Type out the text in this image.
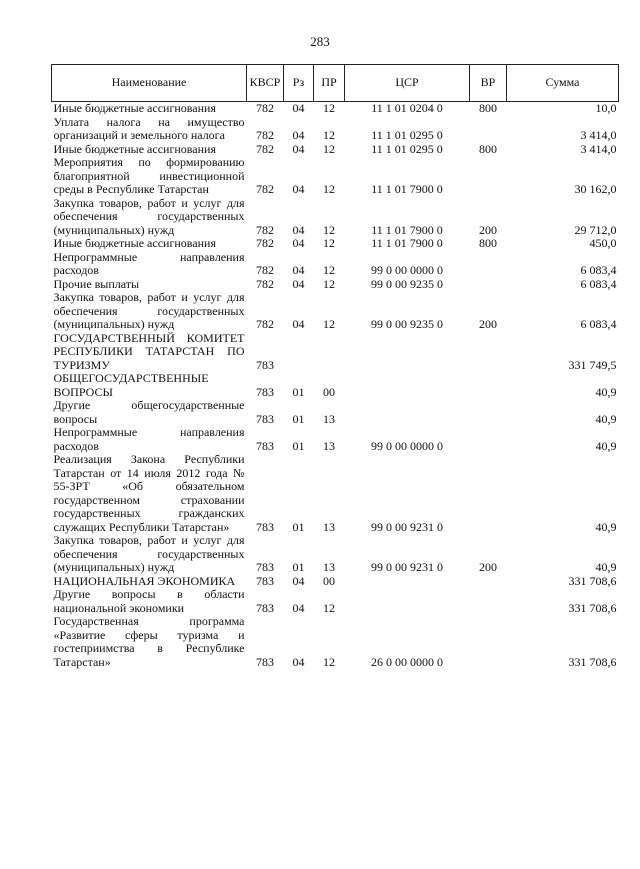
283
Наименование	КВСР	Рз	ПР	ЦСР	ВР	Сумма
Иные бюджетные ассигнования	782	04	12	11 1 01 0204 0	800	10,0
Уплата налога на имущество организаций и земельного налога	782	04	12	11 1 01 0295 0		3 414,0
Иные бюджетные ассигнования	782	04	12	11 1 01 0295 0	800	3 414,0
Мероприятия по формированию благоприятной инвестиционной среды в Республике Татарстан	782	04	12	11 1 01 7900 0		30 162,0
Закупка товаров, работ и услуг для обеспечения государственных (муниципальных) нужд	782	04	12	11 1 01 7900 0	200	29 712,0
Иные бюджетные ассигнования	782	04	12	11 1 01 7900 0	800	450,0
Непрограммные направления расходов	782	04	12	99 0 00 0000 0		6 083,4
Прочие выплаты	782	04	12	99 0 00 9235 0		6 083,4
Закупка товаров, работ и услуг для обеспечения государственных (муниципальных) нужд	782	04	12	99 0 00 9235 0	200	6 083,4
ГОСУДАРСТВЕННЫЙ КОМИТЕТ РЕСПУБЛИКИ ТАТАРСТАН ПО ТУРИЗМУ	783					331 749,5
ОБЩЕГОСУДАРСТВЕННЫЕ ВОПРОСЫ	783	01	00			40,9
Другие общегосударственные вопросы	783	01	13			40,9
Непрограммные направления расходов	783	01	13	99 0 00 0000 0		40,9
Реализация Закона Республики Татарстан от 14 июля 2012 года № 55-ЗРТ «Об обязательном государственном страховании государственных гражданских служащих Республики Татарстан»	783	01	13	99 0 00 9231 0		40,9
Закупка товаров, работ и услуг для обеспечения государственных (муниципальных) нужд	783	01	13	99 0 00 9231 0	200	40,9
НАЦИОНАЛЬНАЯ ЭКОНОМИКА	783	04	00			331 708,6
Другие вопросы в области национальной экономики	783	04	12			331 708,6
Государственная программа «Развитие сферы туризма и гостеприимства в Республике Татарстан»	783	04	12	26 0 00 0000 0		331 708,6
